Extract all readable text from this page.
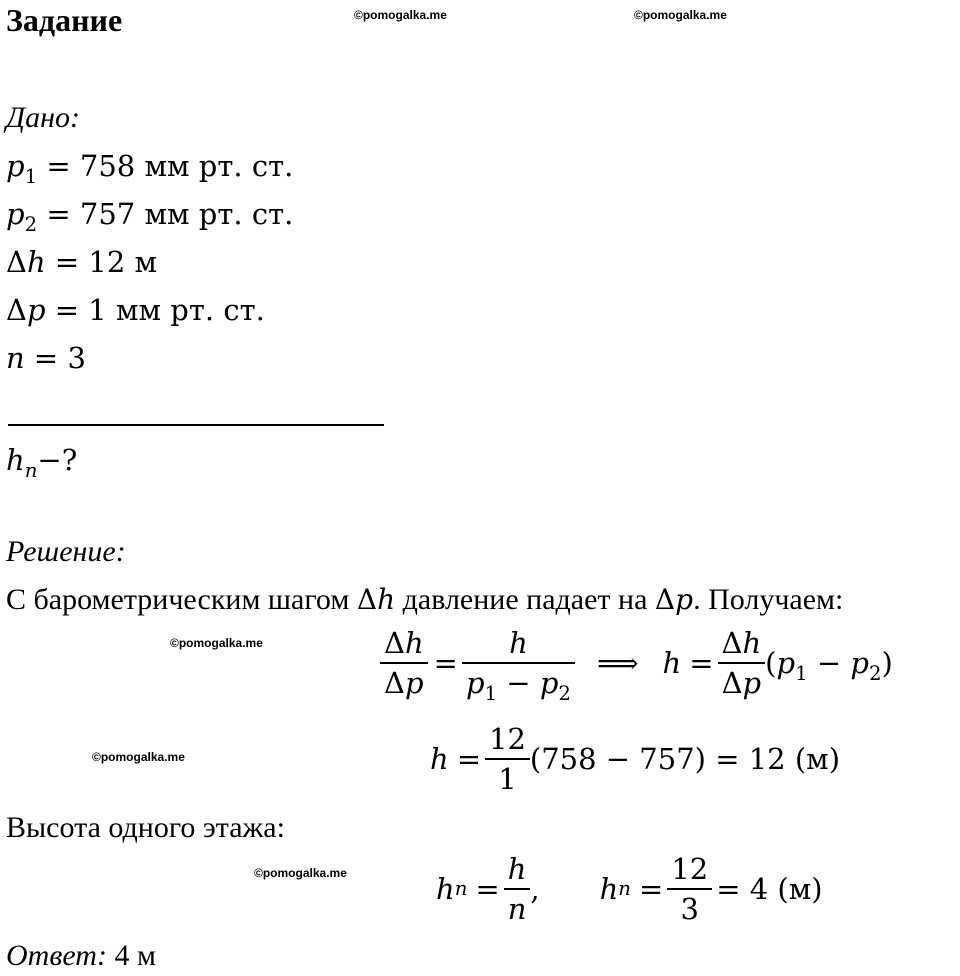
Задание	©pomogalka.me	©pomogalka.me
©pomogalka.me
©pomogalka.me
©pomogalka.me
Дано:
$p_1 = 758$ мм рт. ст.
$p_2 = 757$ мм рт. ст.
Δh = 12 м
Δp = 1 мм рт. ст.
n = 3
$h_n-$?
Решение:
С барометрическим шагом Δh давление падает на Δp. Получаем:
$\frac{\Delta h}{\Delta p} = \frac{h}{p_1 - p_2}$ ⟹ $h = \frac{\Delta h}{\Delta p} (p_1 - p_2)$
$h = \frac{12}{1} (758 - 757) = 12$ (м)
Высота одного этажа:
h $n = \frac{h}{n}$ , h $n = \frac{12}{3} = 4$ (м)
Ответ: 4 м
